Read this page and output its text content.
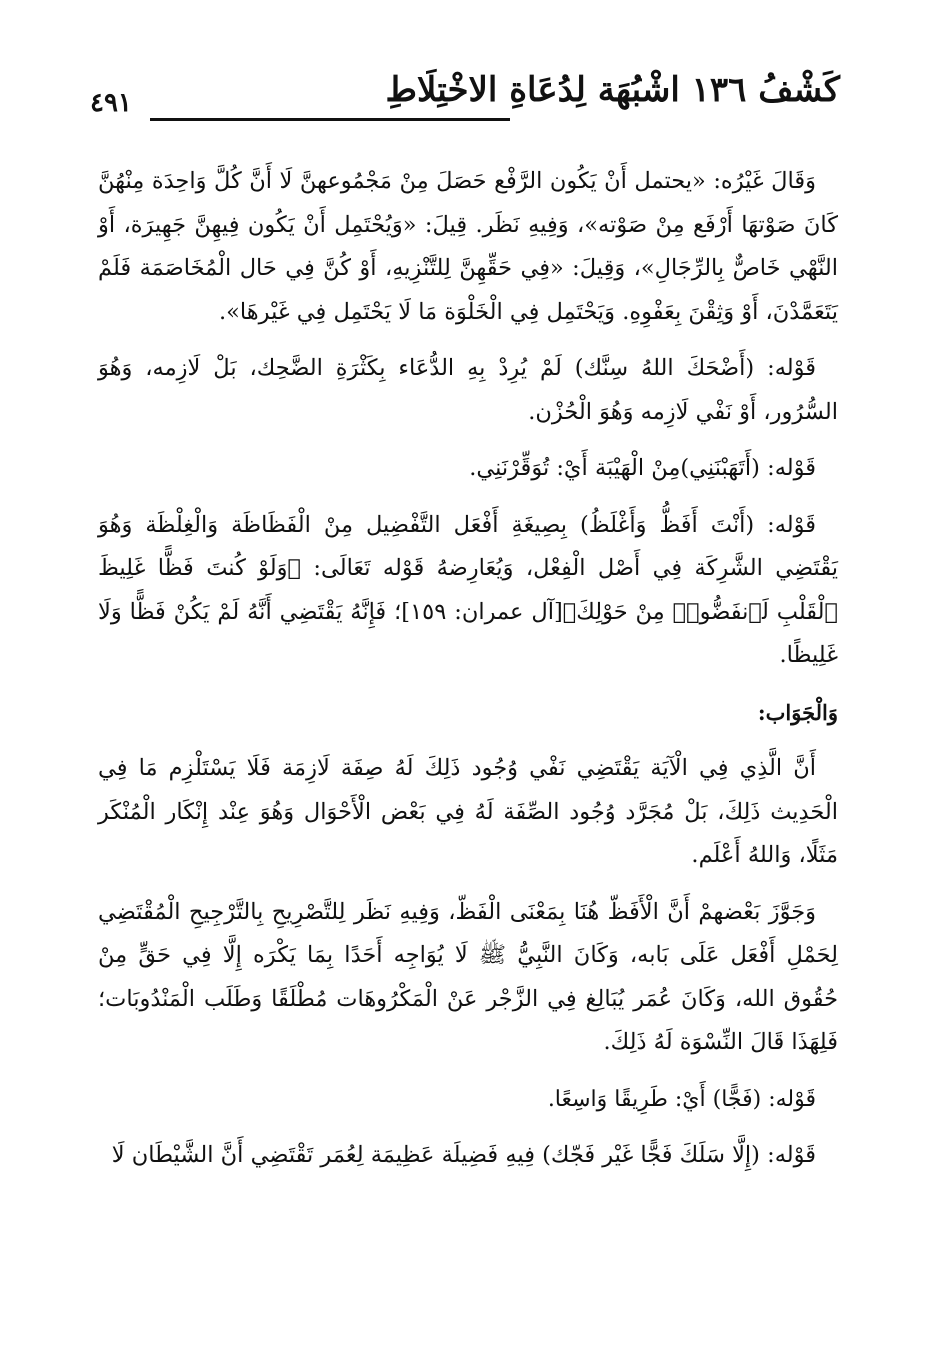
كَشْفُ ١٣٦ اشْبُهَة لِدُعَاةِ الاخْتِلَاطِ
٤٩١

وَقَالَ غَيْرُه: «يحتمل أَنْ يَكُون الرَّفْع حَصَلَ مِنْ مَجْمُوعهنَّ لَا أَنَّ كُلَّ وَاحِدَة مِنْهُنَّ كَانَ صَوْتهَا أَرْفَع مِنْ صَوْته»، وَفِيهِ نَظَر. قِيلَ: «وَيُحْتَمِل أَنْ يَكُون فِيهِنَّ جَهِيرَة، أَوْ النَّهْي خَاصٌّ بِالرِّجَالِ»، وَقِيلَ: «فِي حَقِّهِنَّ لِلتَّنْزِيهِ، أَوْ كُنَّ فِي حَال الْمُخَاصَمَة فَلَمْ يَتَعَمَّدْنَ، أَوْ وَثِقْنَ بِعَفْوِهِ. وَيَحْتَمِل فِي الْخَلْوَة مَا لَا يَحْتَمِل فِي غَيْرهَا».

قَوْله: (أَضْحَكَ اللهُ سِنَّك) لَمْ يُرِدْ بِهِ الدُّعَاء بِكَثْرَةِ الضَّحِك، بَلْ لَازِمه، وَهُوَ السُّرُور، أَوْ نَفْي لَازِمه وَهُوَ الْحُزْن.

قَوْله: (أَتَهَبْنَنِي)مِنْ الْهَيْبَة أَيْ: تُوَقِّرْنَنِي.

قَوْله: (أَنْتَ أَفَظُّ وَأَغْلَظُ) بِصِيغَةِ أَفْعَل التَّفْضِيل مِنْ الْفَظَاظَة وَالْغِلْظَة وَهُوَ يَقْتَضِي الشَّرِكَة فِي أَصْل الْفِعْل، وَيُعَارِضهُ قَوْله تَعَالَى: ﴿وَلَوْ كُنتَ فَظًّا غَلِيظَ ٱلْقَلْبِ لَٱنفَضُّوا۟ مِنْ حَوْلِكَ﴾[آل عمران: ١٥٩]؛ فَإِنَّهُ يَقْتَضِي أَنَّهُ لَمْ يَكُنْ فَظًّا وَلَا غَلِيظًا.

وَالْجَوَاب:

أَنَّ الَّذِي فِي الْآيَة يَقْتَضِي نَفْي وُجُود ذَلِكَ لَهُ صِفَة لَازِمَة فَلَا يَسْتَلْزِم مَا فِي الْحَدِيث ذَلِكَ، بَلْ مُجَرَّد وُجُود الصِّفَة لَهُ فِي بَعْض الْأَحْوَال وَهُوَ عِنْد إِنْكَار الْمُنْكَر مَثَلًا، وَاللهُ أَعْلَم.

وَجَوَّزَ بَعْضهمْ أَنَّ الْأَفَظّ هُنَا بِمَعْنَى الْفَظّ، وَفِيهِ نَظَر لِلتَّصْرِيحِ بِالتَّرْجِيحِ الْمُقْتَضِي لِحَمْلِ أَفْعَل عَلَى بَابه، وَكَانَ النَّبِيُّ ﷺ لَا يُوَاجِه أَحَدًا بِمَا يَكْرَه إِلَّا فِي حَقٍّ مِنْ حُقُوق الله، وَكَانَ عُمَر يُبَالِغ فِي الزَّجْر عَنْ الْمَكْرُوهَات مُطْلَقًا وَطَلَب الْمَنْدُوبَات؛ فَلِهَذَا قَالَ النِّسْوَة لَهُ ذَلِكَ.

قَوْله: (فَجًّا) أَيْ: طَرِيقًا وَاسِعًا.

قَوْله: (إِلَّا سَلَكَ فَجًّا غَيْر فَجّك) فِيهِ فَضِيلَة عَظِيمَة لِعُمَر تَقْتَضِي أَنَّ الشَّيْطَان لَا
